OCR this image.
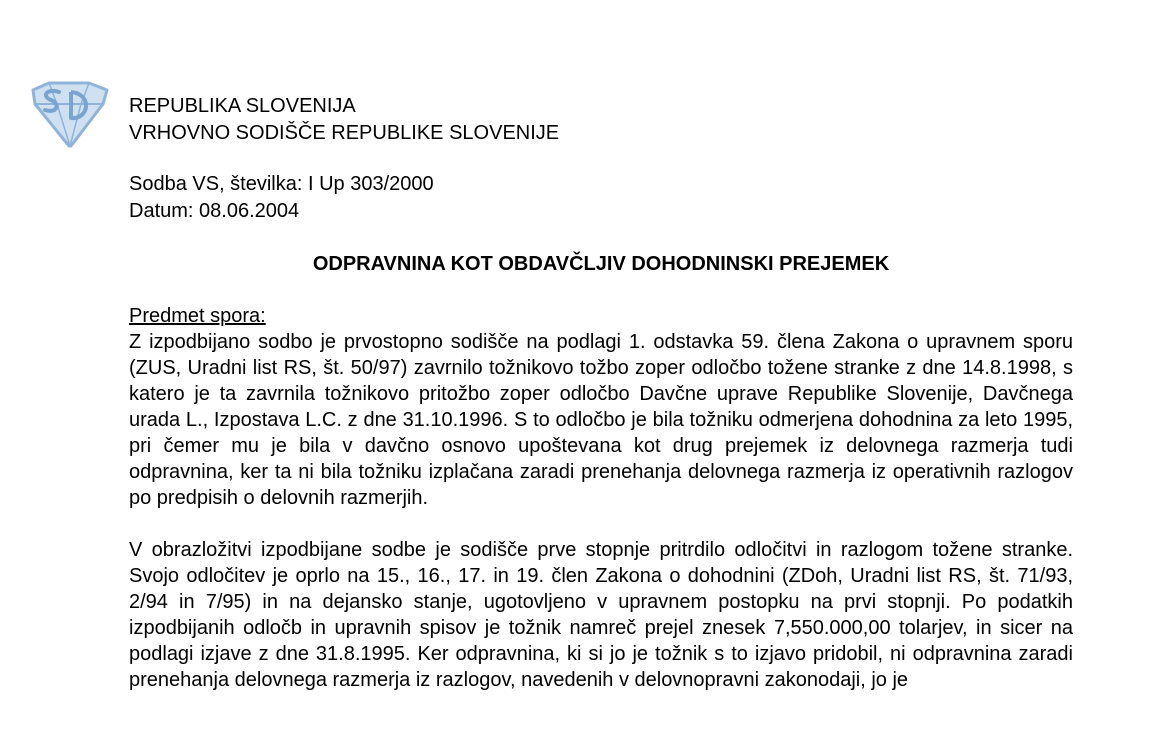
REPUBLIKA SLOVENIJA
VRHOVNO SODIŠČE REPUBLIKE SLOVENIJE
Sodba VS, številka: I Up 303/2000
Datum: 08.06.2004
ODPRAVNINA KOT OBDAVČLJIV DOHODNINSKI PREJEMEK
Predmet spora:

Z izpodbijano sodbo je prvostopno sodišče na podlagi 1. odstavka 59. člena Zakona o upravnem sporu (ZUS, Uradni list RS, št. 50/97) zavrnilo tožnikovo tožbo zoper odločbo tožene stranke z dne 14.8.1998, s katero je ta zavrnila tožnikovo pritožbo zoper odločbo Davčne uprave Republike Slovenije, Davčnega urada L., Izpostava L.C. z dne 31.10.1996. S to odločbo je bila tožniku odmerjena dohodnina za leto 1995, pri čemer mu je bila v davčno osnovo upoštevana kot drug prejemek iz delovnega razmerja tudi odpravnina, ker ta ni bila tožniku izplačana zaradi prenehanja delovnega razmerja iz operativnih razlogov po predpisih o delovnih razmerjih.

V obrazložitvi izpodbijane sodbe je sodišče prve stopnje pritrdilo odločitvi in razlogom tožene stranke. Svojo odločitev je oprlo na 15., 16., 17. in 19. člen Zakona o dohodnini (ZDoh, Uradni list RS, št. 71/93, 2/94 in 7/95) in na dejansko stanje, ugotovljeno v upravnem postopku na prvi stopnji. Po podatkih izpodbijanih odločb in upravnih spisov je tožnik namreč prejel znesek 7,550.000,00 tolarjev, in sicer na podlagi izjave z dne 31.8.1995. Ker odpravnina, ki si jo je tožnik s to izjavo pridobil, ni odpravnina zaradi prenehanja delovnega razmerja iz razlogov, navedenih v delovnopravni zakonodaji, jo je
